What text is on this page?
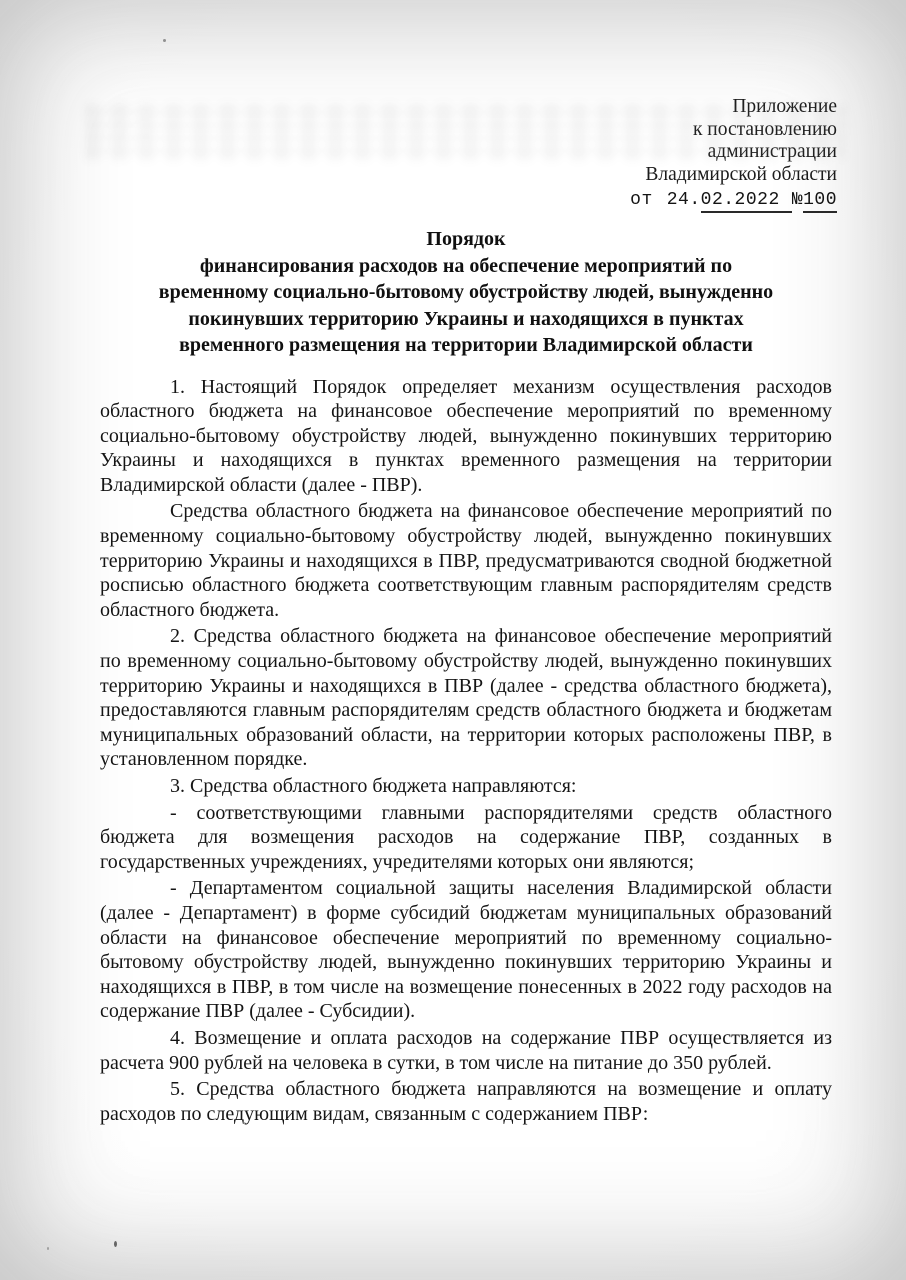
Приложение
к постановлению
администрации
Владимирской области
от 24.02.2022 №100
Порядок
финансирования расходов на обеспечение мероприятий по
временному социально-бытовому обустройству людей, вынужденно
покинувших территорию Украины и находящихся в пунктах
временного размещения на территории Владимирской области

1. Настоящий Порядок определяет механизм осуществления расходов областного бюджета на финансовое обеспечение мероприятий по временному социально-бытовому обустройству людей, вынужденно покинувших территорию Украины и находящихся в пунктах временного размещения на территории Владимирской области (далее - ПВР).

Средства областного бюджета на финансовое обеспечение мероприятий по временному социально-бытовому обустройству людей, вынужденно покинувших территорию Украины и находящихся в ПВР, предусматриваются сводной бюджетной росписью областного бюджета соответствующим главным распорядителям средств областного бюджета.

2. Средства областного бюджета на финансовое обеспечение мероприятий по временному социально-бытовому обустройству людей, вынужденно покинувших территорию Украины и находящихся в ПВР (далее - средства областного бюджета), предоставляются главным распорядителям средств областного бюджета и бюджетам муниципальных образований области, на территории которых расположены ПВР, в установленном порядке.

3. Средства областного бюджета направляются:

- соответствующими главными распорядителями средств областного бюджета для возмещения расходов на содержание ПВР, созданных в государственных учреждениях, учредителями которых они являются;

- Департаментом социальной защиты населения Владимирской области (далее - Департамент) в форме субсидий бюджетам муниципальных образований области на финансовое обеспечение мероприятий по временному социально-бытовому обустройству людей, вынужденно покинувших территорию Украины и находящихся в ПВР, в том числе на возмещение понесенных в 2022 году расходов на содержание ПВР (далее - Субсидии).

4. Возмещение и оплата расходов на содержание ПВР осуществляется из расчета 900 рублей на человека в сутки, в том числе на питание до 350 рублей.

5. Средства областного бюджета направляются на возмещение и оплату расходов по следующим видам, связанным с содержанием ПВР:
